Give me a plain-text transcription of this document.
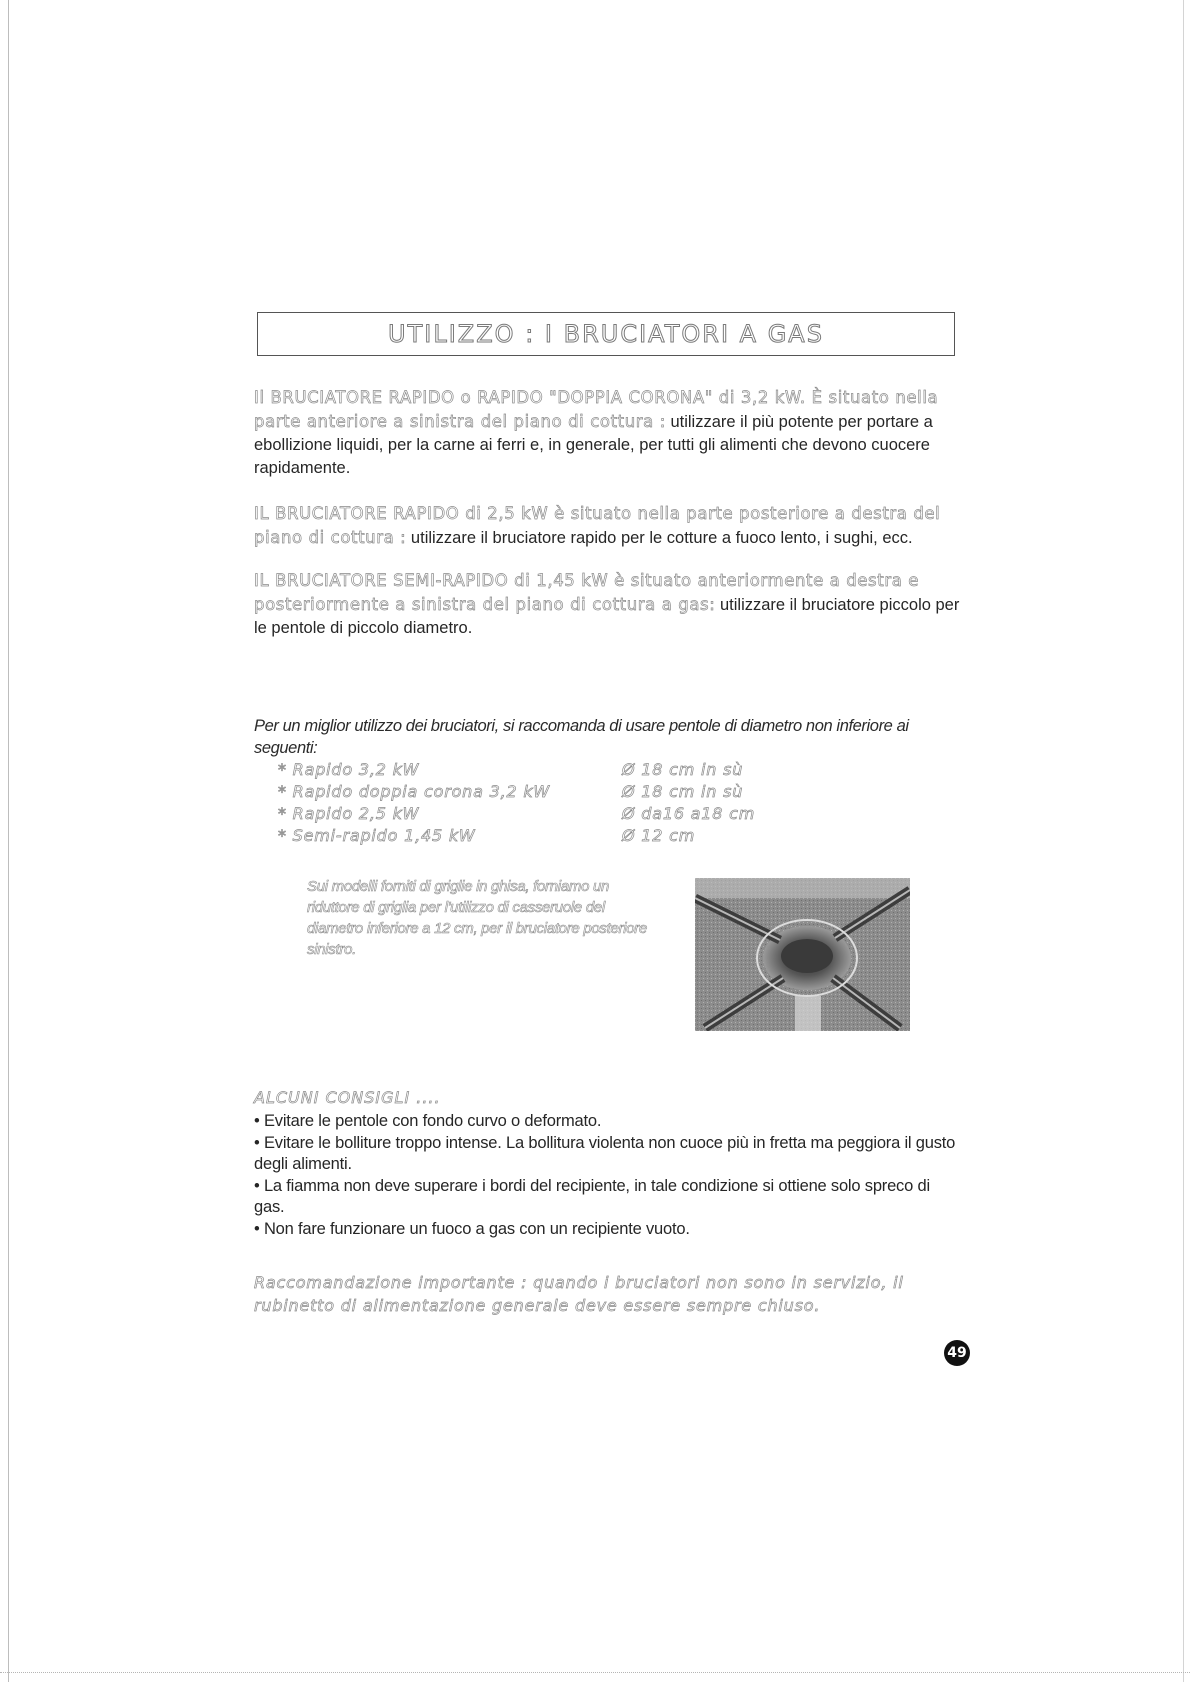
UTILIZZO : I BRUCIATORI A GAS

Il BRUCIATORE RAPIDO o RAPIDO "DOPPIA CORONA" di 3,2 kW. È situato nella parte anteriore a sinistra del piano di cottura : utilizzare il più potente per portare a ebollizione liquidi, per la carne ai ferri e, in generale, per tutti gli alimenti che devono cuocere rapidamente.

IL BRUCIATORE RAPIDO di 2,5 kW è situato nella parte posteriore a destra del piano di cottura : utilizzare il bruciatore rapido per le cotture a fuoco lento, i sughi, ecc.

IL BRUCIATORE SEMI-RAPIDO di 1,45 kW è situato anteriormente a destra e posteriormente a sinistra del piano di cottura a gas: utilizzare il bruciatore piccolo per le pentole di piccolo diametro.

Per un miglior utilizzo dei bruciatori, si raccomanda di usare pentole di diametro non inferiore ai seguenti:

* Rapido 3,2 kW	Ø 18 cm in sù
* Rapido doppia corona 3,2 kW	Ø 18 cm in sù
* Rapido 2,5 kW	Ø da16 a18 cm
* Semi-rapido 1,45 kW	Ø 12 cm

Sui modelli forniti di griglie in ghisa, forniamo un riduttore di griglia per l'utilizzo di casseruole del diametro inferiore a 12 cm, per il bruciatore posteriore sinistro.

ALCUNI CONSIGLI ....
• Evitare le pentole con fondo curvo o deformato.
• Evitare le bolliture troppo intense. La bollitura violenta non cuoce più in fretta ma peggiora il gusto degli alimenti.
• La fiamma non deve superare i bordi del recipiente, in tale condizione si ottiene solo spreco di gas.
• Non fare funzionare un fuoco a gas con un recipiente vuoto.

Raccomandazione importante : quando i bruciatori non sono in servizio, il rubinetto di alimentazione generale deve essere sempre chiuso.

49
